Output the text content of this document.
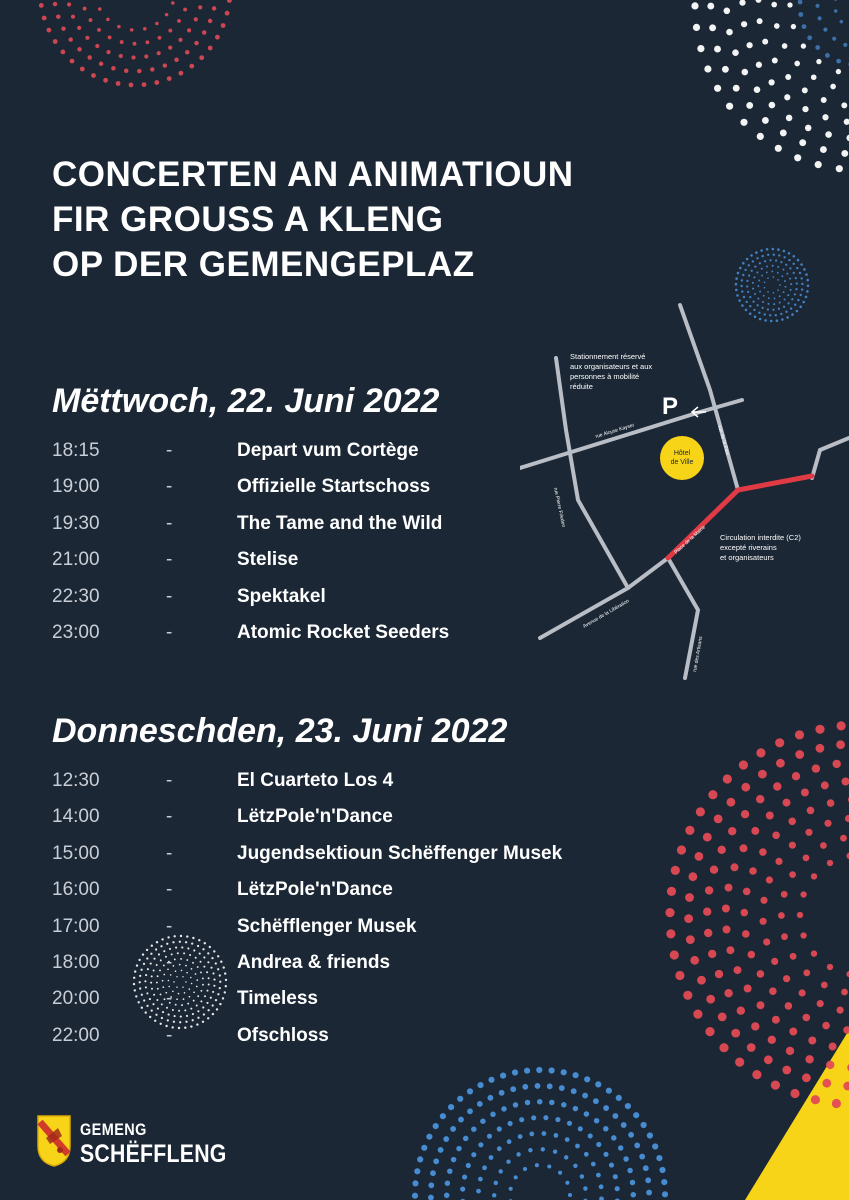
CONCERTEN AN ANIMATIOUN
FIR GROUSS A KLENG
OP DER GEMENGEPLAZ
Hôtel
de Ville
P
Stationnement réservé
aux organisateurs et aux
personnes à mobilité
réduite
Circulation interdite (C2)
excepté riverains
et organisateurs
rue Aloyse Kayser	rue de la Paix
rue Pierre Frieden
Avenue de la Libération
rue des Artisans
Place de la Mairie
Mëttwoch, 22. Juni 2022
18:15	-	Depart vum Cortège
19:00	-	Offizielle Startschoss
19:30	-	The Tame and the Wild
21:00	-	Stelise
22:30	-	Spektakel
23:00	-	Atomic Rocket Seeders
Donneschden, 23. Juni 2022
12:30	-	El Cuarteto Los 4
14:00	-	LëtzPole'n'Dance
15:00	-	Jugendsektioun Schëffenger Musek
16:00	-	LëtzPole'n'Dance
17:00	-	Schëfflenger Musek
18:00	-	Andrea & friends
20:00	-	Timeless
22:00	-	Ofschloss
GEMENG
SCHËFFLENG
